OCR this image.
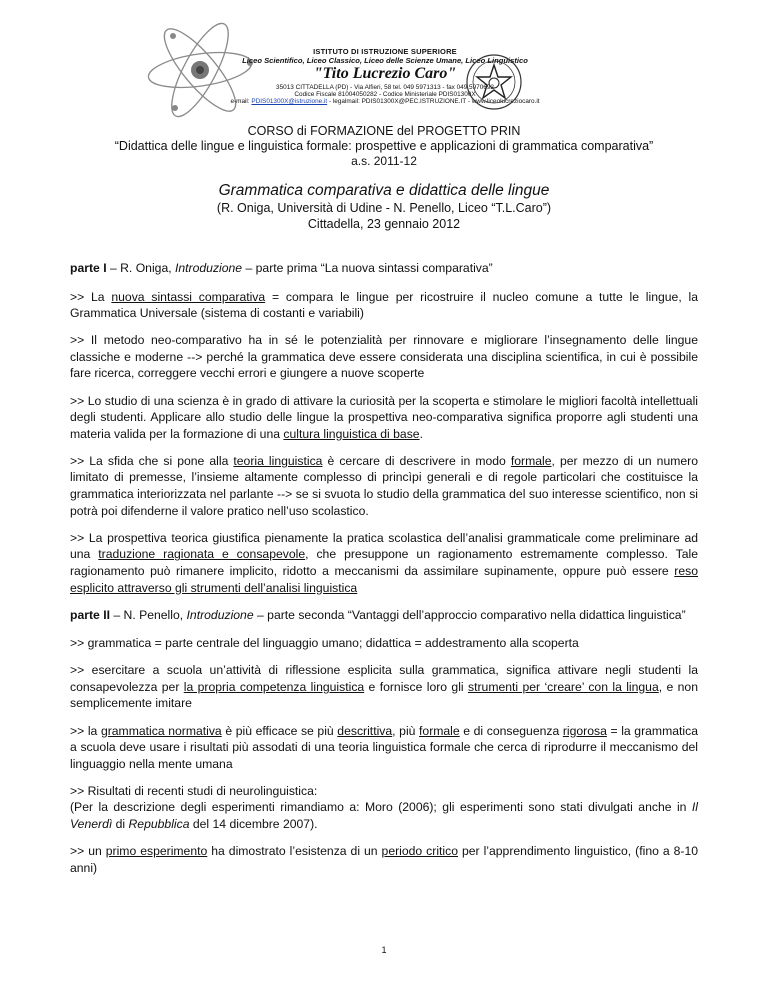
ISTITUTO DI ISTRUZIONE SUPERIORE
Liceo Scientifico, Liceo Classico, Liceo delle Scienze Umane, Liceo Linguistico
"Tito Lucrezio Caro"
35013 CITTADELLA (PD) - Via Alfieri, 58 tel. 049 5971313 - fax 049 5970692
Codice Fiscale 81004050282 - Codice Ministeriale PDIS01300X
e-mail: PDIS01300X@istruzione.it - legalmail: PDIS01300X@PEC.ISTRUZIONE.IT - www.liceolucreziocaro.it
CORSO di FORMAZIONE del PROGETTO PRIN
“Didattica delle lingue e linguistica formale: prospettive e applicazioni di grammatica comparativa”
a.s. 2011-12
Grammatica comparativa e didattica delle lingue
(R. Oniga, Università di Udine - N. Penello, Liceo “T.L.Caro”)
Cittadella, 23 gennaio 2012

parte I – R. Oniga, Introduzione – parte prima “La nuova sintassi comparativa”

>> La nuova sintassi comparativa = compara le lingue per ricostruire il nucleo comune a tutte le lingue, la Grammatica Universale (sistema di costanti e variabili)

>> Il metodo neo-comparativo ha in sé le potenzialità per rinnovare e migliorare l’insegnamento delle lingue classiche e moderne --> perché la grammatica deve essere considerata una disciplina scientifica, in cui è possibile fare ricerca, correggere vecchi errori e giungere a nuove scoperte

>> Lo studio di una scienza è in grado di attivare la curiosità per la scoperta e stimolare le migliori facoltà intellettuali degli studenti. Applicare allo studio delle lingue la prospettiva neo-comparativa significa proporre agli studenti una materia valida per la formazione di una cultura linguistica di base.

>> La sfida che si pone alla teoria linguistica è cercare di descrivere in modo formale, per mezzo di un numero limitato di premesse, l’insieme altamente complesso di princìpi generali e di regole particolari che costituisce la grammatica interiorizzata nel parlante --> se si svuota lo studio della grammatica del suo interesse scientifico, non si potrà poi difenderne il valore pratico nell’uso scolastico.

>> La prospettiva teorica giustifica pienamente la pratica scolastica dell’analisi grammaticale come preliminare ad una traduzione ragionata e consapevole, che presuppone un ragionamento estremamente complesso. Tale ragionamento può rimanere implicito, ridotto a meccanismi da assimilare supinamente, oppure può essere reso esplicito attraverso gli strumenti dell’analisi linguistica

parte II – N. Penello, Introduzione – parte seconda “Vantaggi dell’approccio comparativo nella didattica linguistica”

>> grammatica = parte centrale del linguaggio umano; didattica = addestramento alla scoperta

>> esercitare a scuola un’attività di riflessione esplicita sulla grammatica, significa attivare negli studenti la consapevolezza per la propria competenza linguistica e fornisce loro gli strumenti per ‘creare’ con la lingua, e non semplicemente imitare

>> la grammatica normativa è più efficace se più descrittiva, più formale e di conseguenza rigorosa = la grammatica a scuola deve usare i risultati più assodati di una teoria linguistica formale che cerca di riprodurre il meccanismo del linguaggio nella mente umana

>> Risultati di recenti studi di neurolinguistica:
(Per la descrizione degli esperimenti rimandiamo a: Moro (2006); gli esperimenti sono stati divulgati anche in Il Venerdì di Repubblica del 14 dicembre 2007).

>> un primo esperimento ha dimostrato l’esistenza di un periodo critico per l’apprendimento linguistico, (fino a 8-10 anni)

1
